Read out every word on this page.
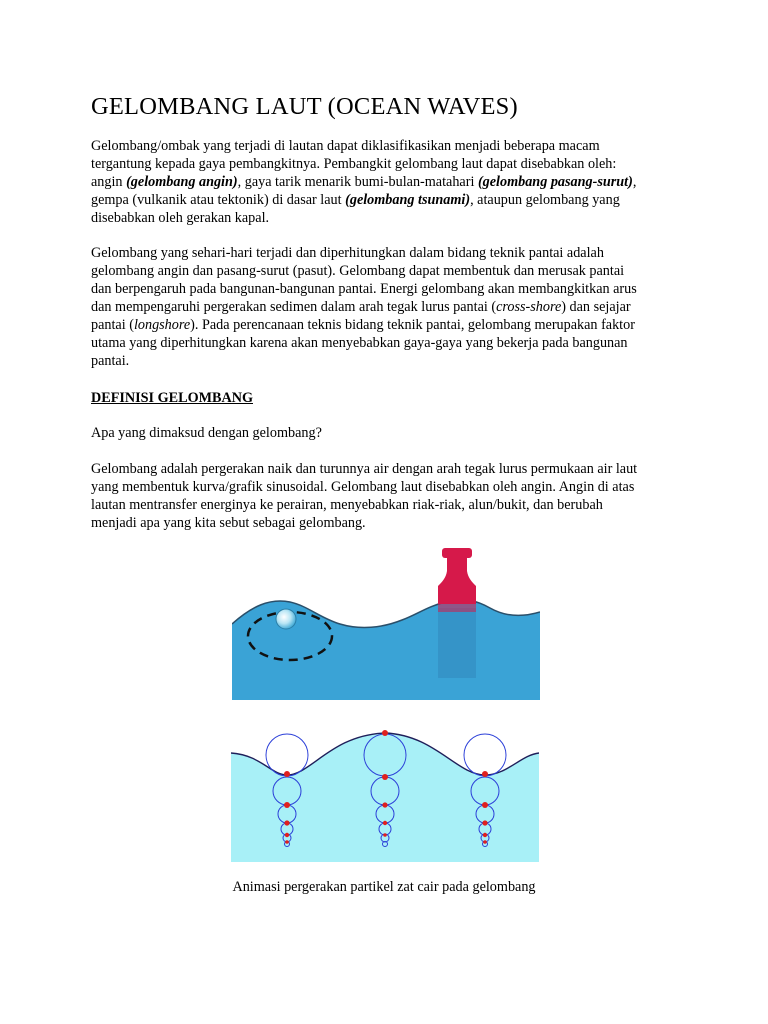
GELOMBANG LAUT (OCEAN WAVES)

Gelombang/ombak yang terjadi di lautan dapat diklasifikasikan menjadi beberapa macam
tergantung kepada gaya pembangkitnya. Pembangkit gelombang laut dapat disebabkan oleh:
angin (gelombang angin), gaya tarik menarik bumi-bulan-matahari (gelombang pasang-surut),
gempa (vulkanik atau tektonik) di dasar laut (gelombang tsunami), ataupun gelombang yang
disebabkan oleh gerakan kapal.

Gelombang yang sehari-hari terjadi dan diperhitungkan dalam bidang teknik pantai adalah
gelombang angin dan pasang-surut (pasut). Gelombang dapat membentuk dan merusak pantai
dan berpengaruh pada bangunan-bangunan pantai. Energi gelombang akan membangkitkan arus
dan mempengaruhi pergerakan sedimen dalam arah tegak lurus pantai (cross-shore) dan sejajar
pantai (longshore). Pada perencanaan teknis bidang teknik pantai, gelombang merupakan faktor
utama yang diperhitungkan karena akan menyebabkan gaya-gaya yang bekerja pada bangunan
pantai.

DEFINISI GELOMBANG

Apa yang dimaksud dengan gelombang?

Gelombang adalah pergerakan naik dan turunnya air dengan arah tegak lurus permukaan air laut
yang membentuk kurva/grafik sinusoidal. Gelombang laut disebabkan oleh angin. Angin di atas
lautan mentransfer energinya ke perairan, menyebabkan riak-riak, alun/bukit, dan berubah
menjadi apa yang kita sebut sebagai gelombang.

Animasi pergerakan partikel zat cair pada gelombang
